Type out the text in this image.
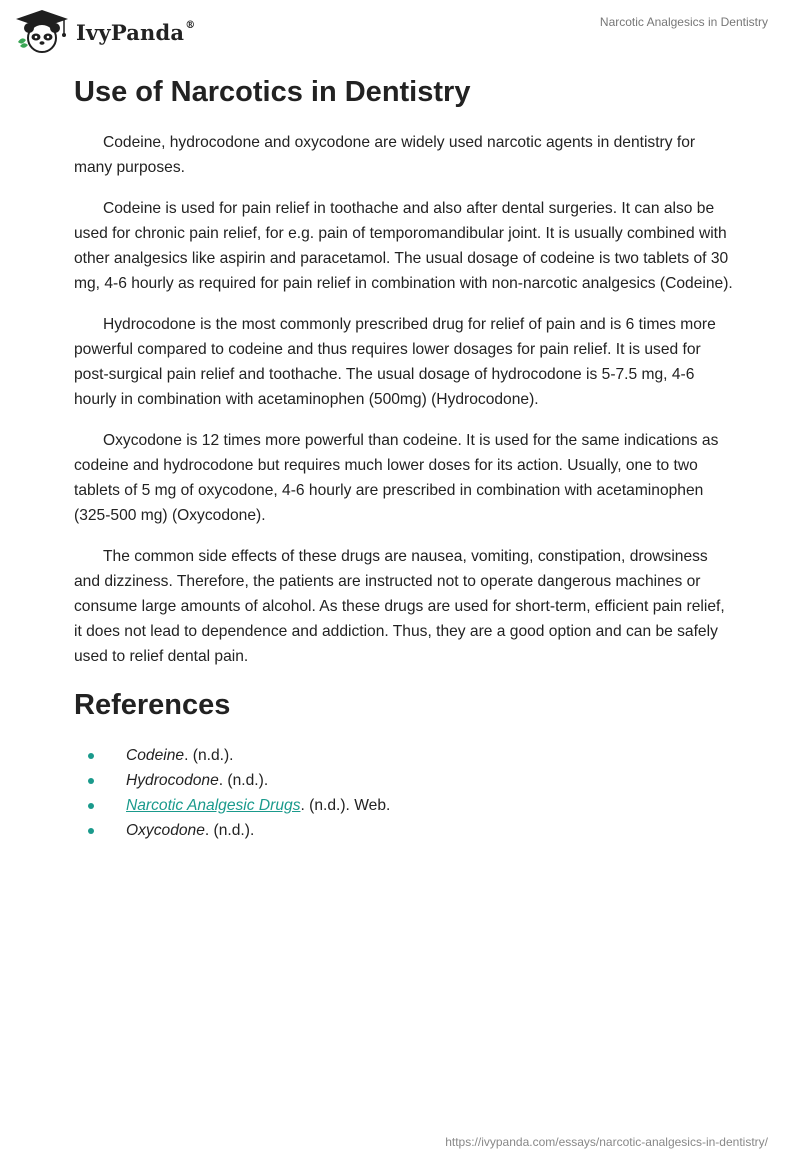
IvyPanda®	Narcotic Analgesics in Dentistry
Use of Narcotics in Dentistry

Codeine, hydrocodone and oxycodone are widely used narcotic agents in dentistry for many purposes.

Codeine is used for pain relief in toothache and also after dental surgeries. It can also be used for chronic pain relief, for e.g. pain of temporomandibular joint. It is usually combined with other analgesics like aspirin and paracetamol. The usual dosage of codeine is two tablets of 30 mg, 4-6 hourly as required for pain relief in combination with non-narcotic analgesics (Codeine).

Hydrocodone is the most commonly prescribed drug for relief of pain and is 6 times more powerful compared to codeine and thus requires lower dosages for pain relief. It is used for post-surgical pain relief and toothache. The usual dosage of hydrocodone is 5-7.5 mg, 4-6 hourly in combination with acetaminophen (500mg) (Hydrocodone).

Oxycodone is 12 times more powerful than codeine. It is used for the same indications as codeine and hydrocodone but requires much lower doses for its action. Usually, one to two tablets of 5 mg of oxycodone, 4-6 hourly are prescribed in combination with acetaminophen (325-500 mg) (Oxycodone).

The common side effects of these drugs are nausea, vomiting, constipation, drowsiness and dizziness. Therefore, the patients are instructed not to operate dangerous machines or consume large amounts of alcohol. As these drugs are used for short-term, efficient pain relief, it does not lead to dependence and addiction. Thus, they are a good option and can be safely used to relief dental pain.

References
Codeine. (n.d.).
Hydrocodone. (n.d.).
Narcotic Analgesic Drugs. (n.d.). Web.
Oxycodone. (n.d.).
https://ivypanda.com/essays/narcotic-analgesics-in-dentistry/
